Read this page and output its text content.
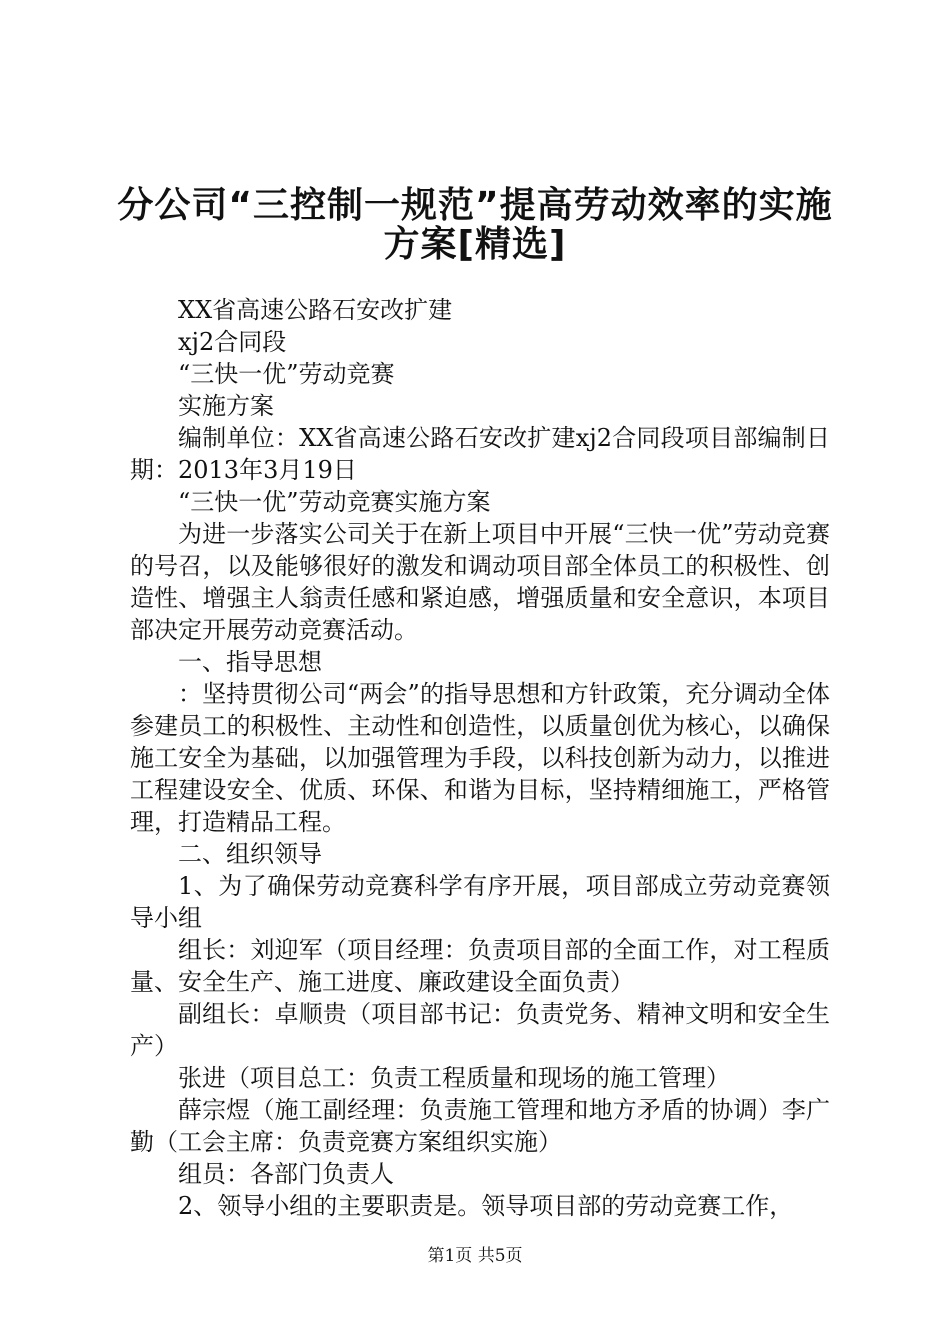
分公司“三控制一规范”提高劳动效率的实施
方案[精选]

XX省高速公路石安改扩建

xj2合同段

“三快一优”劳动竞赛

实施方案

编制单位：XX省高速公路石安改扩建xj2合同段项目部编制日期：2013年3月19日

“三快一优”劳动竞赛实施方案

为进一步落实公司关于在新上项目中开展“三快一优”劳动竞赛的号召，以及能够很好的激发和调动项目部全体员工的积极性、创造性、增强主人翁责任感和紧迫感，增强质量和安全意识，本项目部决定开展劳动竞赛活动。

一、指导思想

：坚持贯彻公司“两会”的指导思想和方针政策，充分调动全体参建员工的积极性、主动性和创造性，以质量创优为核心，以确保施工安全为基础，以加强管理为手段，以科技创新为动力，以推进工程建设安全、优质、环保、和谐为目标，坚持精细施工，严格管理，打造精品工程。

二、组织领导

1、为了确保劳动竞赛科学有序开展，项目部成立劳动竞赛领导小组

组长：刘迎军（项目经理：负责项目部的全面工作，对工程质量、安全生产、施工进度、廉政建设全面负责）

副组长：卓顺贵（项目部书记：负责党务、精神文明和安全生产）

张进（项目总工：负责工程质量和现场的施工管理）

薛宗煜（施工副经理：负责施工管理和地方矛盾的协调）李广勤（工会主席：负责竞赛方案组织实施）

组员：各部门负责人

2、领导小组的主要职责是。领导项目部的劳动竞赛工作，

第1页 共5页
